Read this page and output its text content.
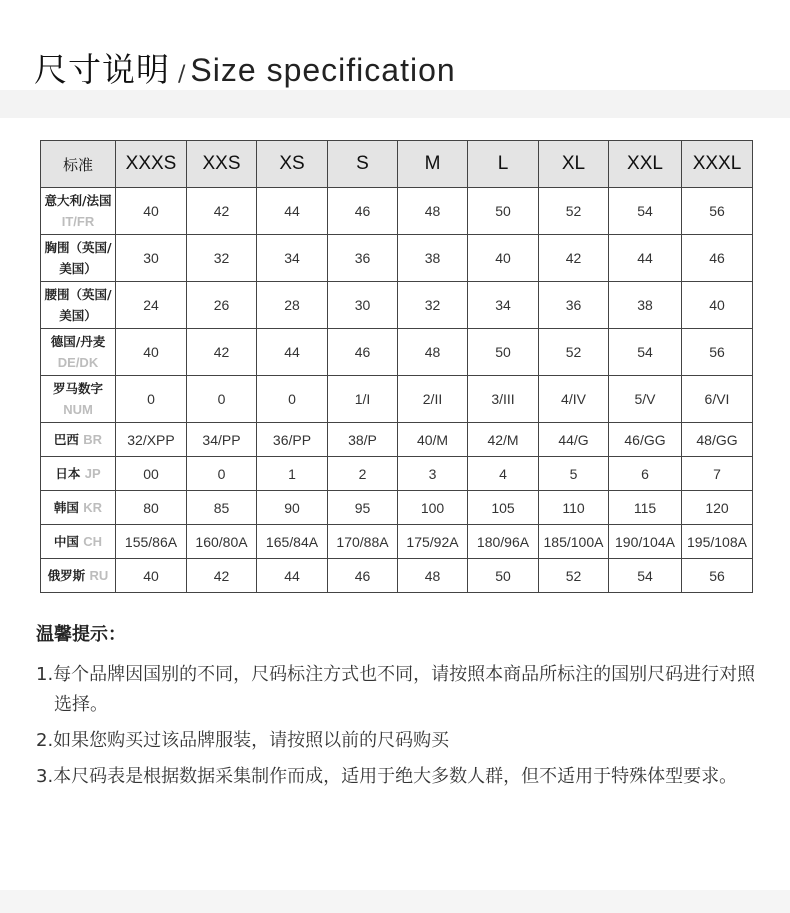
尺寸说明 / Size specification
标准	XXXS	XXS	XS	S	M	L	XL	XXL	XXXL
意大利/法国 IT/FR	40	42	44	46	48	50	52	54	56
胸围（英国/美国）	30	32	34	36	38	40	42	44	46
腰围（英国/美国）	24	26	28	30	32	34	36	38	40
德国/丹麦 DE/DK	40	42	44	46	48	50	52	54	56
罗马数字 NUM	0	0	0	1/I	2/II	3/III	4/IV	5/V	6/VI
巴西 BR	32/XPP	34/PP	36/PP	38/P	40/M	42/M	44/G	46/GG	48/GG
日本 JP	00	0	1	2	3	4	5	6	7
韩国 KR	80	85	90	95	100	105	110	115	120
中国 CH	155/86A	160/80A	165/84A	170/88A	175/92A	180/96A	185/100A	190/104A	195/108A
俄罗斯 RU	40	42	44	46	48	50	52	54	56
温馨提示：
1.每个品牌因国别的不同，尺码标注方式也不同，请按照本商品所标注的国别尺码进行对照选择。
2.如果您购买过该品牌服装，请按照以前的尺码购买
3.本尺码表是根据数据采集制作而成，适用于绝大多数人群，但不适用于特殊体型要求。
